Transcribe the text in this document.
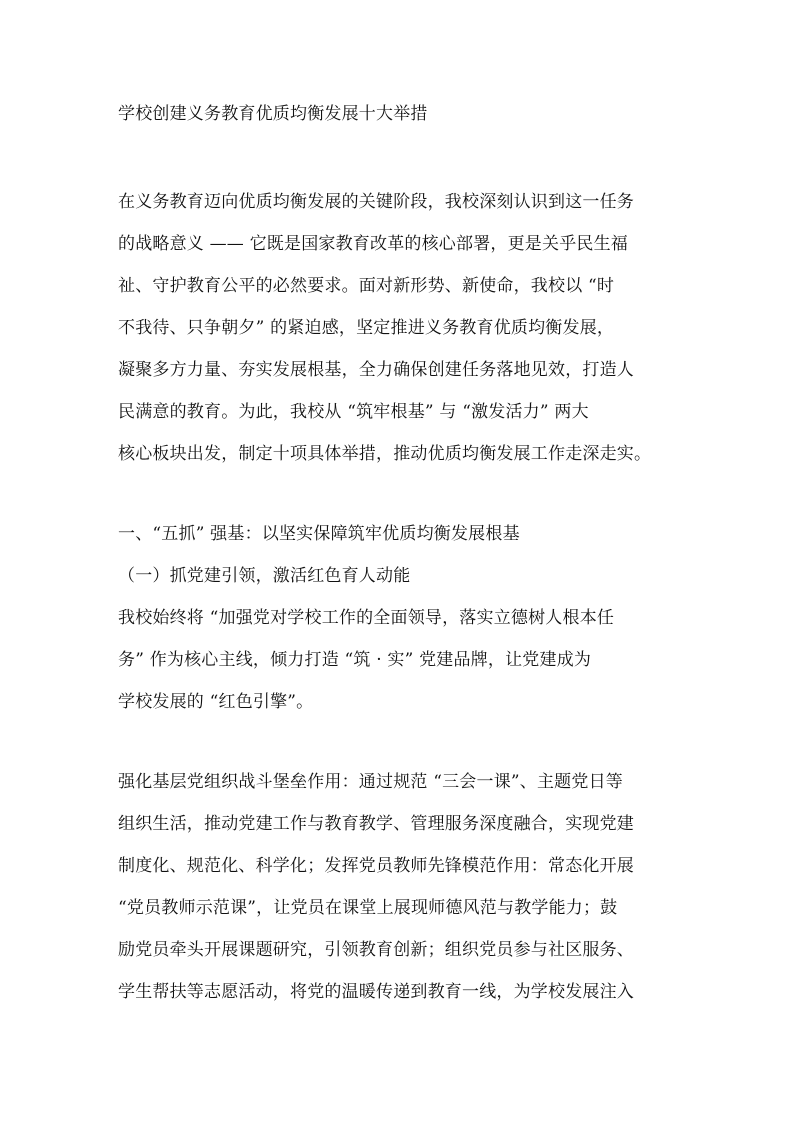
学校创建义务教育优质均衡发展十大举措
在义务教育迈向优质均衡发展的关键阶段，我校深刻认识到这一任务
的战略意义 —— 它既是国家教育改革的核心部署，更是关乎民生福
祉、守护教育公平的必然要求。面对新形势、新使命，我校以 “时
不我待、只争朝夕” 的紧迫感，坚定推进义务教育优质均衡发展，
凝聚多方力量、夯实发展根基，全力确保创建任务落地见效，打造人
民满意的教育。为此，我校从 “筑牢根基” 与 “激发活力” 两大
核心板块出发，制定十项具体举措，推动优质均衡发展工作走深走实。
一、“五抓” 强基：以坚实保障筑牢优质均衡发展根基
（一）抓党建引领，激活红色育人动能
我校始终将 “加强党对学校工作的全面领导，落实立德树人根本任
务” 作为核心主线，倾力打造 “筑 · 实” 党建品牌，让党建成为
学校发展的 “红色引擎”。
强化基层党组织战斗堡垒作用：通过规范 “三会一课”、主题党日等
组织生活，推动党建工作与教育教学、管理服务深度融合，实现党建
制度化、规范化、科学化；发挥党员教师先锋模范作用：常态化开展
“党员教师示范课”，让党员在课堂上展现师德风范与教学能力；鼓
励党员牵头开展课题研究，引领教育创新；组织党员参与社区服务、
学生帮扶等志愿活动，将党的温暖传递到教育一线，为学校发展注入
